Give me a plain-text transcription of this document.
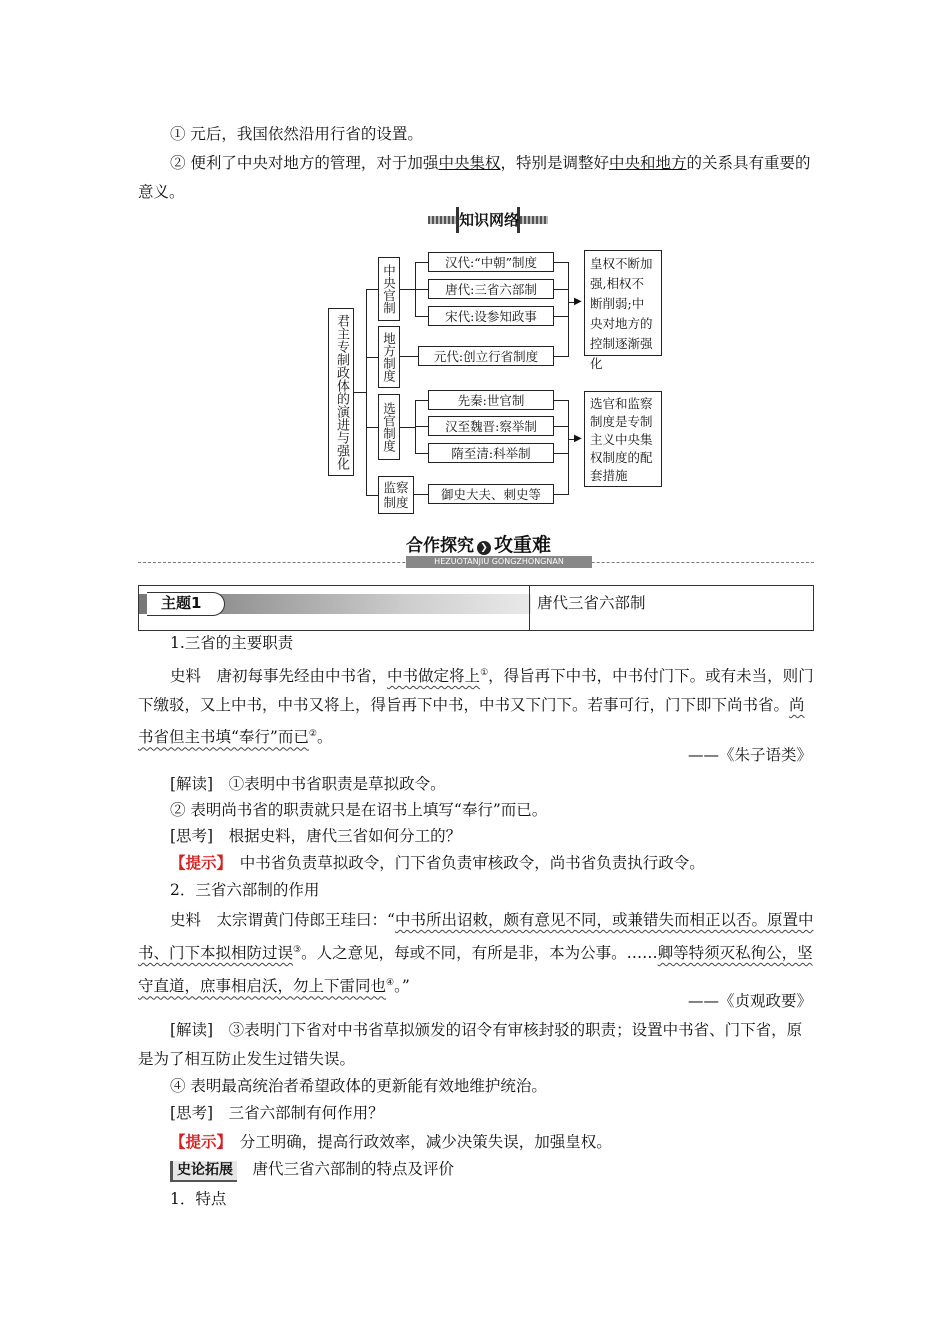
① 元后，我国依然沿用行省的设置。
② 便利了中央对地方的管理，对于加强中央集权，特别是调整好中央和地方的关系具有重要的意义。
知识网络
君主专制政体的演进与强化
中央官制
地方制度
选官制度
监察制度
汉代:“中朝”制度
唐代:三省六部制
宋代:设参知政事
元代:创立行省制度
先秦:世官制
汉至魏晋:察举制
隋至清:科举制
御史大夫、刺史等
皇权不断加强,相权不断削弱;中央对地方的控制逐渐强化
选官和监察制度是专制主义中央集权制度的配套措施
▶
▶
合作探究 ❯ 攻重难
HEZUOTANJIU GONGZHONGNAN
主题1	唐代三省六部制
1.三省的主要职责
史料　 唐初每事先经由中书省，中书做定将上①，得旨再下中书，中书付门下。或有未当，则门下缴驳，又上中书，中书又将上，得旨再下中书，中书又下门下。若事可行，门下即下尚书省。尚书省但主书填“奉行”而已②。
——《朱子语类》
[解读]　 ①表明中书省职责是草拟政令。
② 表明尚书省的职责就只是在诏书上填写“奉行”而已。
[思考]　 根据史料，唐代三省如何分工的？
【提示】　 中书省负责草拟政令，门下省负责审核政令，尚书省负责执行政令。
2．三省六部制的作用
史料　 太宗谓黄门侍郎王珪曰：“中书所出诏敕，颇有意见不同，或兼错失而相正以否。原置中书、门下本拟相防过误③。人之意见，每或不同，有所是非，本为公事。……卿等特须灭私徇公，坚守直道，庶事相启沃，勿上下雷同也④。”
——《贞观政要》
[解读]　 ③表明门下省对中书省草拟颁发的诏令有审核封驳的职责；设置中书省、门下省，原是为了相互防止发生过错失误。
④ 表明最高统治者希望政体的更新能有效地维护统治。
[思考]　 三省六部制有何作用？
【提示】　 分工明确，提高行政效率，减少决策失误，加强皇权。
史论拓展　 唐代三省六部制的特点及评价
1．特点
